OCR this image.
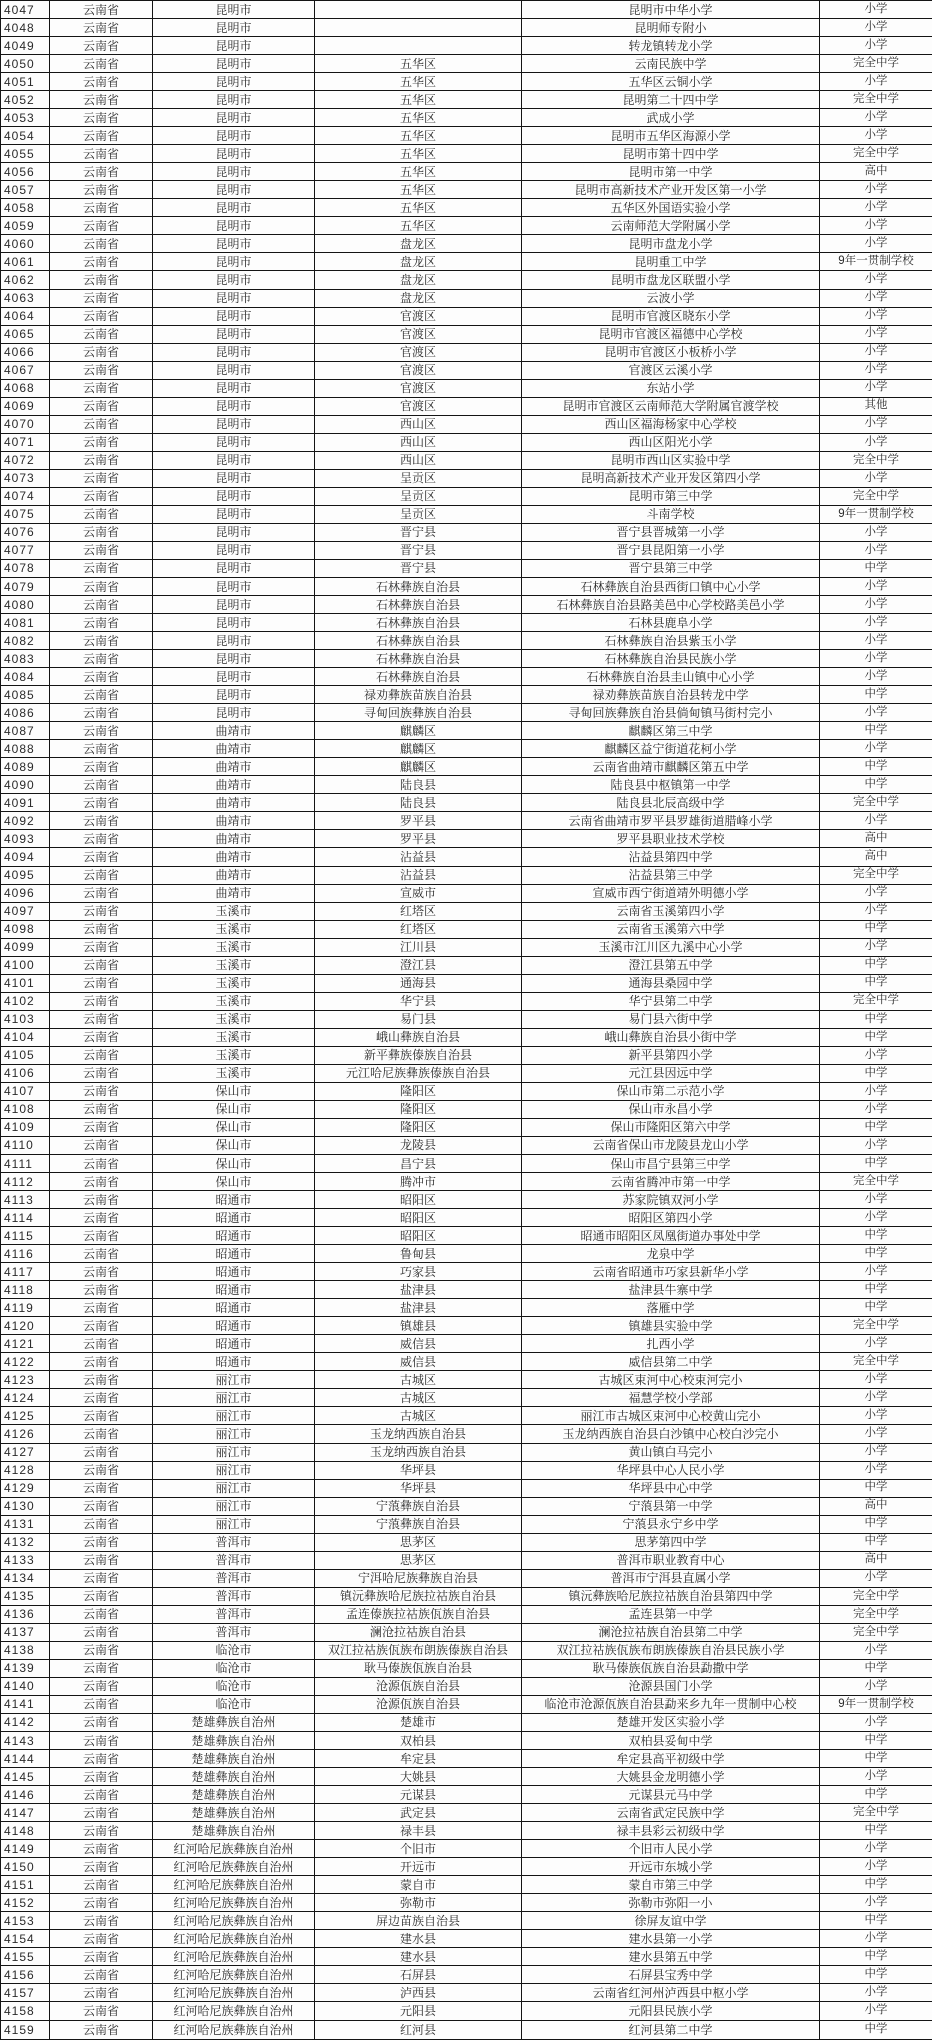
4047	云南省	昆明市		昆明市中华小学	小学
4048	云南省	昆明市		昆明师专附小	小学
4049	云南省	昆明市		转龙镇转龙小学	小学
4050	云南省	昆明市	五华区	云南民族中学	完全中学
4051	云南省	昆明市	五华区	五华区云铜小学	小学
4052	云南省	昆明市	五华区	昆明第二十四中学	完全中学
4053	云南省	昆明市	五华区	武成小学	小学
4054	云南省	昆明市	五华区	昆明市五华区海源小学	小学
4055	云南省	昆明市	五华区	昆明市第十四中学	完全中学
4056	云南省	昆明市	五华区	昆明市第一中学	高中
4057	云南省	昆明市	五华区	昆明市高新技术产业开发区第一小学	小学
4058	云南省	昆明市	五华区	五华区外国语实验小学	小学
4059	云南省	昆明市	五华区	云南师范大学附属小学	小学
4060	云南省	昆明市	盘龙区	昆明市盘龙小学	小学
4061	云南省	昆明市	盘龙区	昆明重工中学	9年一贯制学校
4062	云南省	昆明市	盘龙区	昆明市盘龙区联盟小学	小学
4063	云南省	昆明市	盘龙区	云波小学	小学
4064	云南省	昆明市	官渡区	昆明市官渡区晓东小学	小学
4065	云南省	昆明市	官渡区	昆明市官渡区福德中心学校	小学
4066	云南省	昆明市	官渡区	昆明市官渡区小板桥小学	小学
4067	云南省	昆明市	官渡区	官渡区云溪小学	小学
4068	云南省	昆明市	官渡区	东站小学	小学
4069	云南省	昆明市	官渡区	昆明市官渡区云南师范大学附属官渡学校	其他
4070	云南省	昆明市	西山区	西山区福海杨家中心学校	小学
4071	云南省	昆明市	西山区	西山区阳光小学	小学
4072	云南省	昆明市	西山区	昆明市西山区实验中学	完全中学
4073	云南省	昆明市	呈贡区	昆明高新技术产业开发区第四小学	小学
4074	云南省	昆明市	呈贡区	昆明市第三中学	完全中学
4075	云南省	昆明市	呈贡区	斗南学校	9年一贯制学校
4076	云南省	昆明市	晋宁县	晋宁县晋城第一小学	小学
4077	云南省	昆明市	晋宁县	晋宁县昆阳第一小学	小学
4078	云南省	昆明市	晋宁县	晋宁县第三中学	中学
4079	云南省	昆明市	石林彝族自治县	石林彝族自治县西街口镇中心小学	小学
4080	云南省	昆明市	石林彝族自治县	石林彝族自治县路美邑中心学校路美邑小学	小学
4081	云南省	昆明市	石林彝族自治县	石林县鹿阜小学	小学
4082	云南省	昆明市	石林彝族自治县	石林彝族自治县紫玉小学	小学
4083	云南省	昆明市	石林彝族自治县	石林彝族自治县民族小学	小学
4084	云南省	昆明市	石林彝族自治县	石林彝族自治县圭山镇中心小学	小学
4085	云南省	昆明市	禄劝彝族苗族自治县	禄劝彝族苗族自治县转龙中学	中学
4086	云南省	昆明市	寻甸回族彝族自治县	寻甸回族彝族自治县倘甸镇马街村完小	小学
4087	云南省	曲靖市	麒麟区	麒麟区第三中学	中学
4088	云南省	曲靖市	麒麟区	麒麟区益宁街道花柯小学	小学
4089	云南省	曲靖市	麒麟区	云南省曲靖市麒麟区第五中学	中学
4090	云南省	曲靖市	陆良县	陆良县中枢镇第一中学	中学
4091	云南省	曲靖市	陆良县	陆良县北辰高级中学	完全中学
4092	云南省	曲靖市	罗平县	云南省曲靖市罗平县罗雄街道腊峰小学	小学
4093	云南省	曲靖市	罗平县	罗平县职业技术学校	高中
4094	云南省	曲靖市	沾益县	沾益县第四中学	高中
4095	云南省	曲靖市	沾益县	沾益县第三中学	完全中学
4096	云南省	曲靖市	宣威市	宣威市西宁街道靖外明德小学	小学
4097	云南省	玉溪市	红塔区	云南省玉溪第四小学	小学
4098	云南省	玉溪市	红塔区	云南省玉溪第六中学	中学
4099	云南省	玉溪市	江川县	玉溪市江川区九溪中心小学	小学
4100	云南省	玉溪市	澄江县	澄江县第五中学	中学
4101	云南省	玉溪市	通海县	通海县桑园中学	中学
4102	云南省	玉溪市	华宁县	华宁县第二中学	完全中学
4103	云南省	玉溪市	易门县	易门县六街中学	中学
4104	云南省	玉溪市	峨山彝族自治县	峨山彝族自治县小街中学	中学
4105	云南省	玉溪市	新平彝族傣族自治县	新平县第四小学	小学
4106	云南省	玉溪市	元江哈尼族彝族傣族自治县	元江县因远中学	中学
4107	云南省	保山市	隆阳区	保山市第二示范小学	小学
4108	云南省	保山市	隆阳区	保山市永昌小学	小学
4109	云南省	保山市	隆阳区	保山市隆阳区第六中学	中学
4110	云南省	保山市	龙陵县	云南省保山市龙陵县龙山小学	小学
4111	云南省	保山市	昌宁县	保山市昌宁县第三中学	中学
4112	云南省	保山市	腾冲市	云南省腾冲市第一中学	完全中学
4113	云南省	昭通市	昭阳区	苏家院镇双河小学	小学
4114	云南省	昭通市	昭阳区	昭阳区第四小学	小学
4115	云南省	昭通市	昭阳区	昭通市昭阳区凤凰街道办事处中学	中学
4116	云南省	昭通市	鲁甸县	龙泉中学	中学
4117	云南省	昭通市	巧家县	云南省昭通市巧家县新华小学	小学
4118	云南省	昭通市	盐津县	盐津县牛寨中学	中学
4119	云南省	昭通市	盐津县	落雁中学	中学
4120	云南省	昭通市	镇雄县	镇雄县实验中学	完全中学
4121	云南省	昭通市	威信县	扎西小学	小学
4122	云南省	昭通市	威信县	威信县第二中学	完全中学
4123	云南省	丽江市	古城区	古城区束河中心校束河完小	小学
4124	云南省	丽江市	古城区	福慧学校小学部	小学
4125	云南省	丽江市	古城区	丽江市古城区束河中心校黄山完小	小学
4126	云南省	丽江市	玉龙纳西族自治县	玉龙纳西族自治县白沙镇中心校白沙完小	小学
4127	云南省	丽江市	玉龙纳西族自治县	黄山镇白马完小	小学
4128	云南省	丽江市	华坪县	华坪县中心人民小学	小学
4129	云南省	丽江市	华坪县	华坪县中心中学	中学
4130	云南省	丽江市	宁蒗彝族自治县	宁蒗县第一中学	高中
4131	云南省	丽江市	宁蒗彝族自治县	宁蒗县永宁乡中学	中学
4132	云南省	普洱市	思茅区	思茅第四中学	中学
4133	云南省	普洱市	思茅区	普洱市职业教育中心	高中
4134	云南省	普洱市	宁洱哈尼族彝族自治县	普洱市宁洱县直属小学	小学
4135	云南省	普洱市	镇沅彝族哈尼族拉祜族自治县	镇沅彝族哈尼族拉祜族自治县第四中学	完全中学
4136	云南省	普洱市	孟连傣族拉祜族佤族自治县	孟连县第一中学	完全中学
4137	云南省	普洱市	澜沧拉祜族自治县	澜沧拉祜族自治县第二中学	完全中学
4138	云南省	临沧市	双江拉祜族佤族布朗族傣族自治县	双江拉祜族佤族布朗族傣族自治县民族小学	小学
4139	云南省	临沧市	耿马傣族佤族自治县	耿马傣族佤族自治县勐撒中学	中学
4140	云南省	临沧市	沧源佤族自治县	沧源县国门小学	小学
4141	云南省	临沧市	沧源佤族自治县	临沧市沧源佤族自治县勐来乡九年一贯制中心校	9年一贯制学校
4142	云南省	楚雄彝族自治州	楚雄市	楚雄开发区实验小学	小学
4143	云南省	楚雄彝族自治州	双柏县	双柏县妥甸中学	中学
4144	云南省	楚雄彝族自治州	牟定县	牟定县高平初级中学	中学
4145	云南省	楚雄彝族自治州	大姚县	大姚县金龙明德小学	小学
4146	云南省	楚雄彝族自治州	元谋县	元谋县元马中学	中学
4147	云南省	楚雄彝族自治州	武定县	云南省武定民族中学	完全中学
4148	云南省	楚雄彝族自治州	禄丰县	禄丰县彩云初级中学	中学
4149	云南省	红河哈尼族彝族自治州	个旧市	个旧市人民小学	小学
4150	云南省	红河哈尼族彝族自治州	开远市	开远市东城小学	小学
4151	云南省	红河哈尼族彝族自治州	蒙自市	蒙自市第三中学	中学
4152	云南省	红河哈尼族彝族自治州	弥勒市	弥勒市弥阳一小	小学
4153	云南省	红河哈尼族彝族自治州	屏边苗族自治县	徐屏友谊中学	中学
4154	云南省	红河哈尼族彝族自治州	建水县	建水县第一小学	小学
4155	云南省	红河哈尼族彝族自治州	建水县	建水县第五中学	中学
4156	云南省	红河哈尼族彝族自治州	石屏县	石屏县宝秀中学	中学
4157	云南省	红河哈尼族彝族自治州	泸西县	云南省红河州泸西县中枢小学	小学
4158	云南省	红河哈尼族彝族自治州	元阳县	元阳县民族小学	小学
4159	云南省	红河哈尼族彝族自治州	红河县	红河县第二中学	中学
